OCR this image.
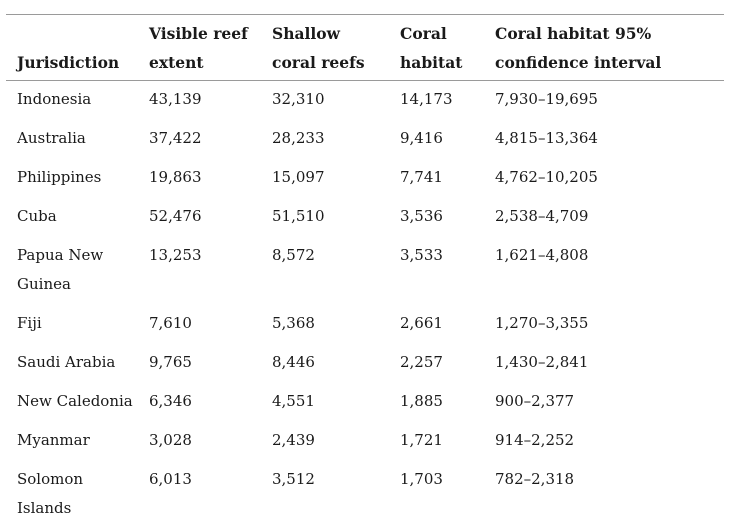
Jurisdiction	Visible reef extent	Shallow coral reefs	Coral habitat	Coral habitat 95% confidence interval
Indonesia	43,139	32,310	14,173	7,930–19,695
Australia	37,422	28,233	9,416	4,815–13,364
Philippines	19,863	15,097	7,741	4,762–10,205
Cuba	52,476	51,510	3,536	2,538–4,709
Papua New Guinea	13,253	8,572	3,533	1,621–4,808
Fiji	7,610	5,368	2,661	1,270–3,355
Saudi Arabia	9,765	8,446	2,257	1,430–2,841
New Caledonia	6,346	4,551	1,885	900–2,377
Myanmar	3,028	2,439	1,721	914–2,252
Solomon Islands	6,013	3,512	1,703	782–2,318
